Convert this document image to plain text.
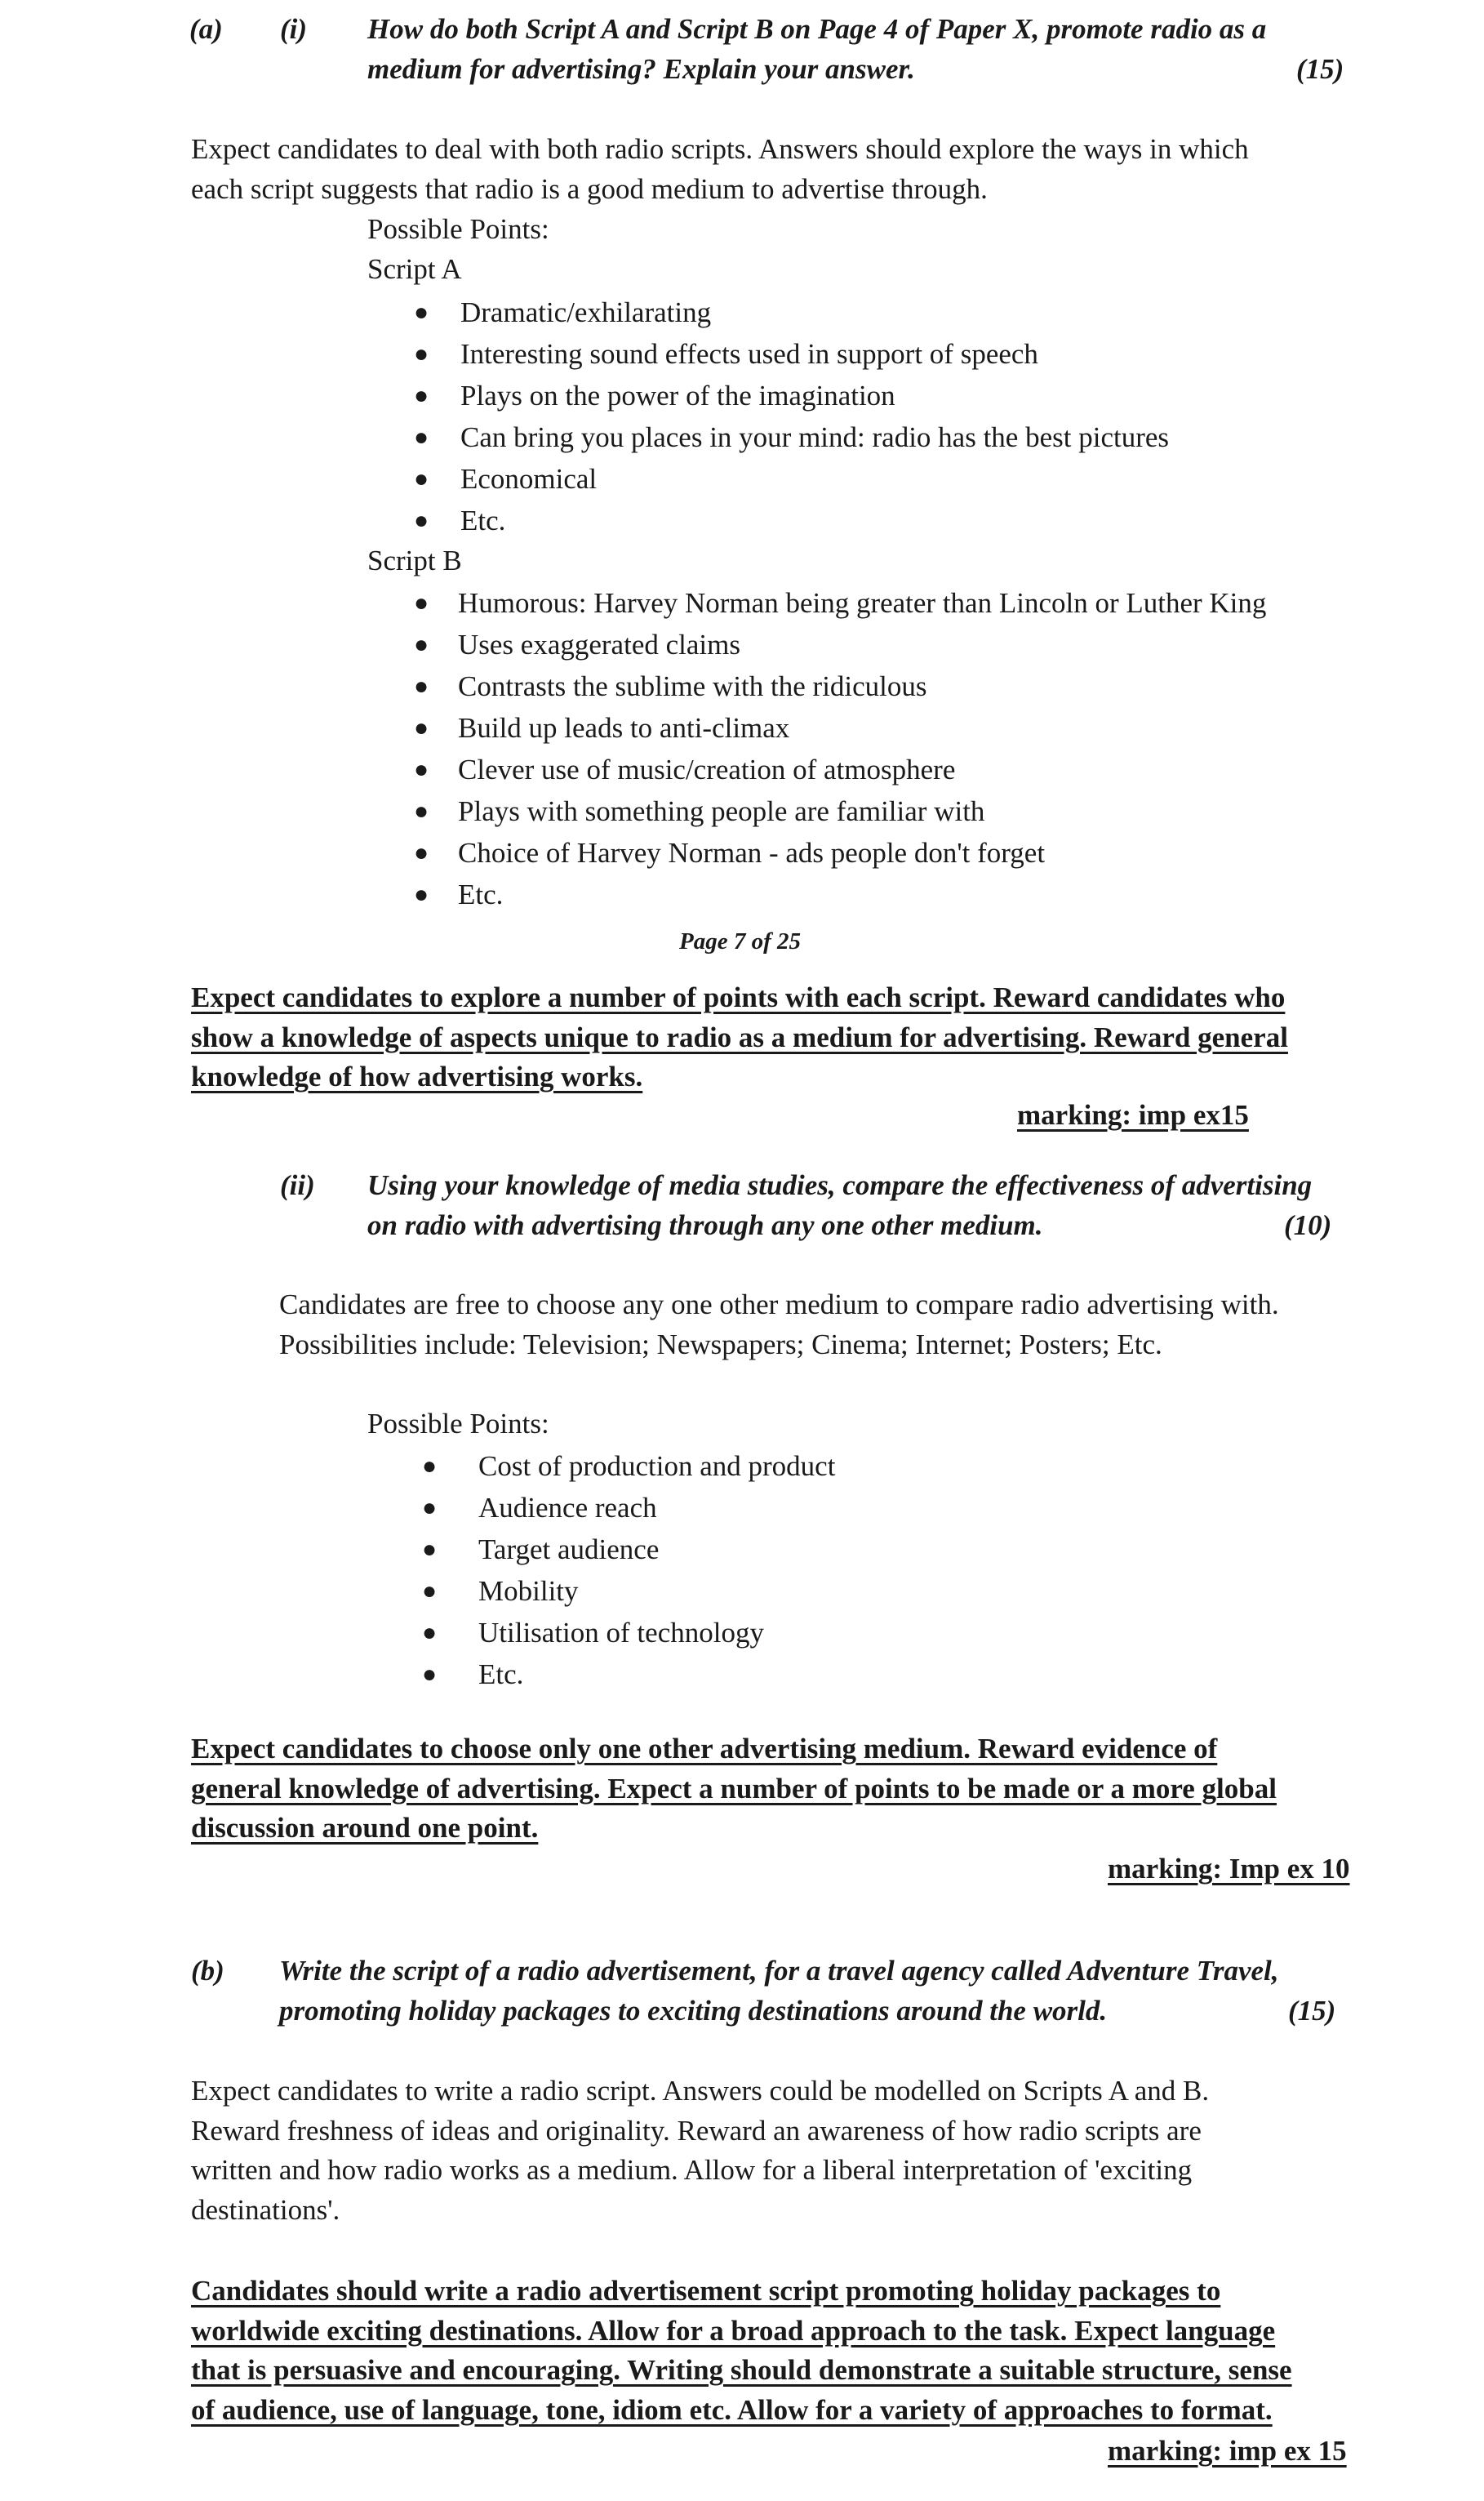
(a) (i) How do both Script A and Script B on Page 4 of Paper X, promote radio as a
medium for advertising? Explain your answer.	(15)
Expect candidates to deal with both radio scripts. Answers should explore the ways in which
each script suggests that radio is a good medium to advertise through.
Possible Points:
Script A
● Dramatic/exhilarating
● Interesting sound effects used in support of speech
● Plays on the power of the imagination
● Can bring you places in your mind: radio has the best pictures
● Economical
● Etc.
Script B
● Humorous: Harvey Norman being greater than Lincoln or Luther King
● Uses exaggerated claims
● Contrasts the sublime with the ridiculous
● Build up leads to anti-climax
● Clever use of music/creation of atmosphere
● Plays with something people are familiar with
● Choice of Harvey Norman - ads people don't forget
● Etc.
Page 7 of 25
Expect candidates to explore a number of points with each script. Reward candidates who
show a knowledge of aspects unique to radio as a medium for advertising. Reward general
knowledge of how advertising works.
marking: imp ex15
(ii) Using your knowledge of media studies, compare the effectiveness of advertising
on radio with advertising through any one other medium.	(10)
Candidates are free to choose any one other medium to compare radio advertising with.
Possibilities include: Television; Newspapers; Cinema; Internet; Posters; Etc.
Possible Points:
● Cost of production and product
● Audience reach
● Target audience
● Mobility
● Utilisation of technology
● Etc.
Expect candidates to choose only one other advertising medium. Reward evidence of
general knowledge of advertising. Expect a number of points to be made or a more global
discussion around one point.
marking: Imp ex 10
(b) Write the script of a radio advertisement, for a travel agency called Adventure Travel,
promoting holiday packages to exciting destinations around the world.	(15)
Expect candidates to write a radio script. Answers could be modelled on Scripts A and B.
Reward freshness of ideas and originality. Reward an awareness of how radio scripts are
written and how radio works as a medium. Allow for a liberal interpretation of 'exciting
destinations'.
Candidates should write a radio advertisement script promoting holiday packages to
worldwide exciting destinations. Allow for a broad approach to the task. Expect language
that is persuasive and encouraging. Writing should demonstrate a suitable structure, sense
of audience, use of language, tone, idiom etc. Allow for a variety of approaches to format.
marking: imp ex 15
